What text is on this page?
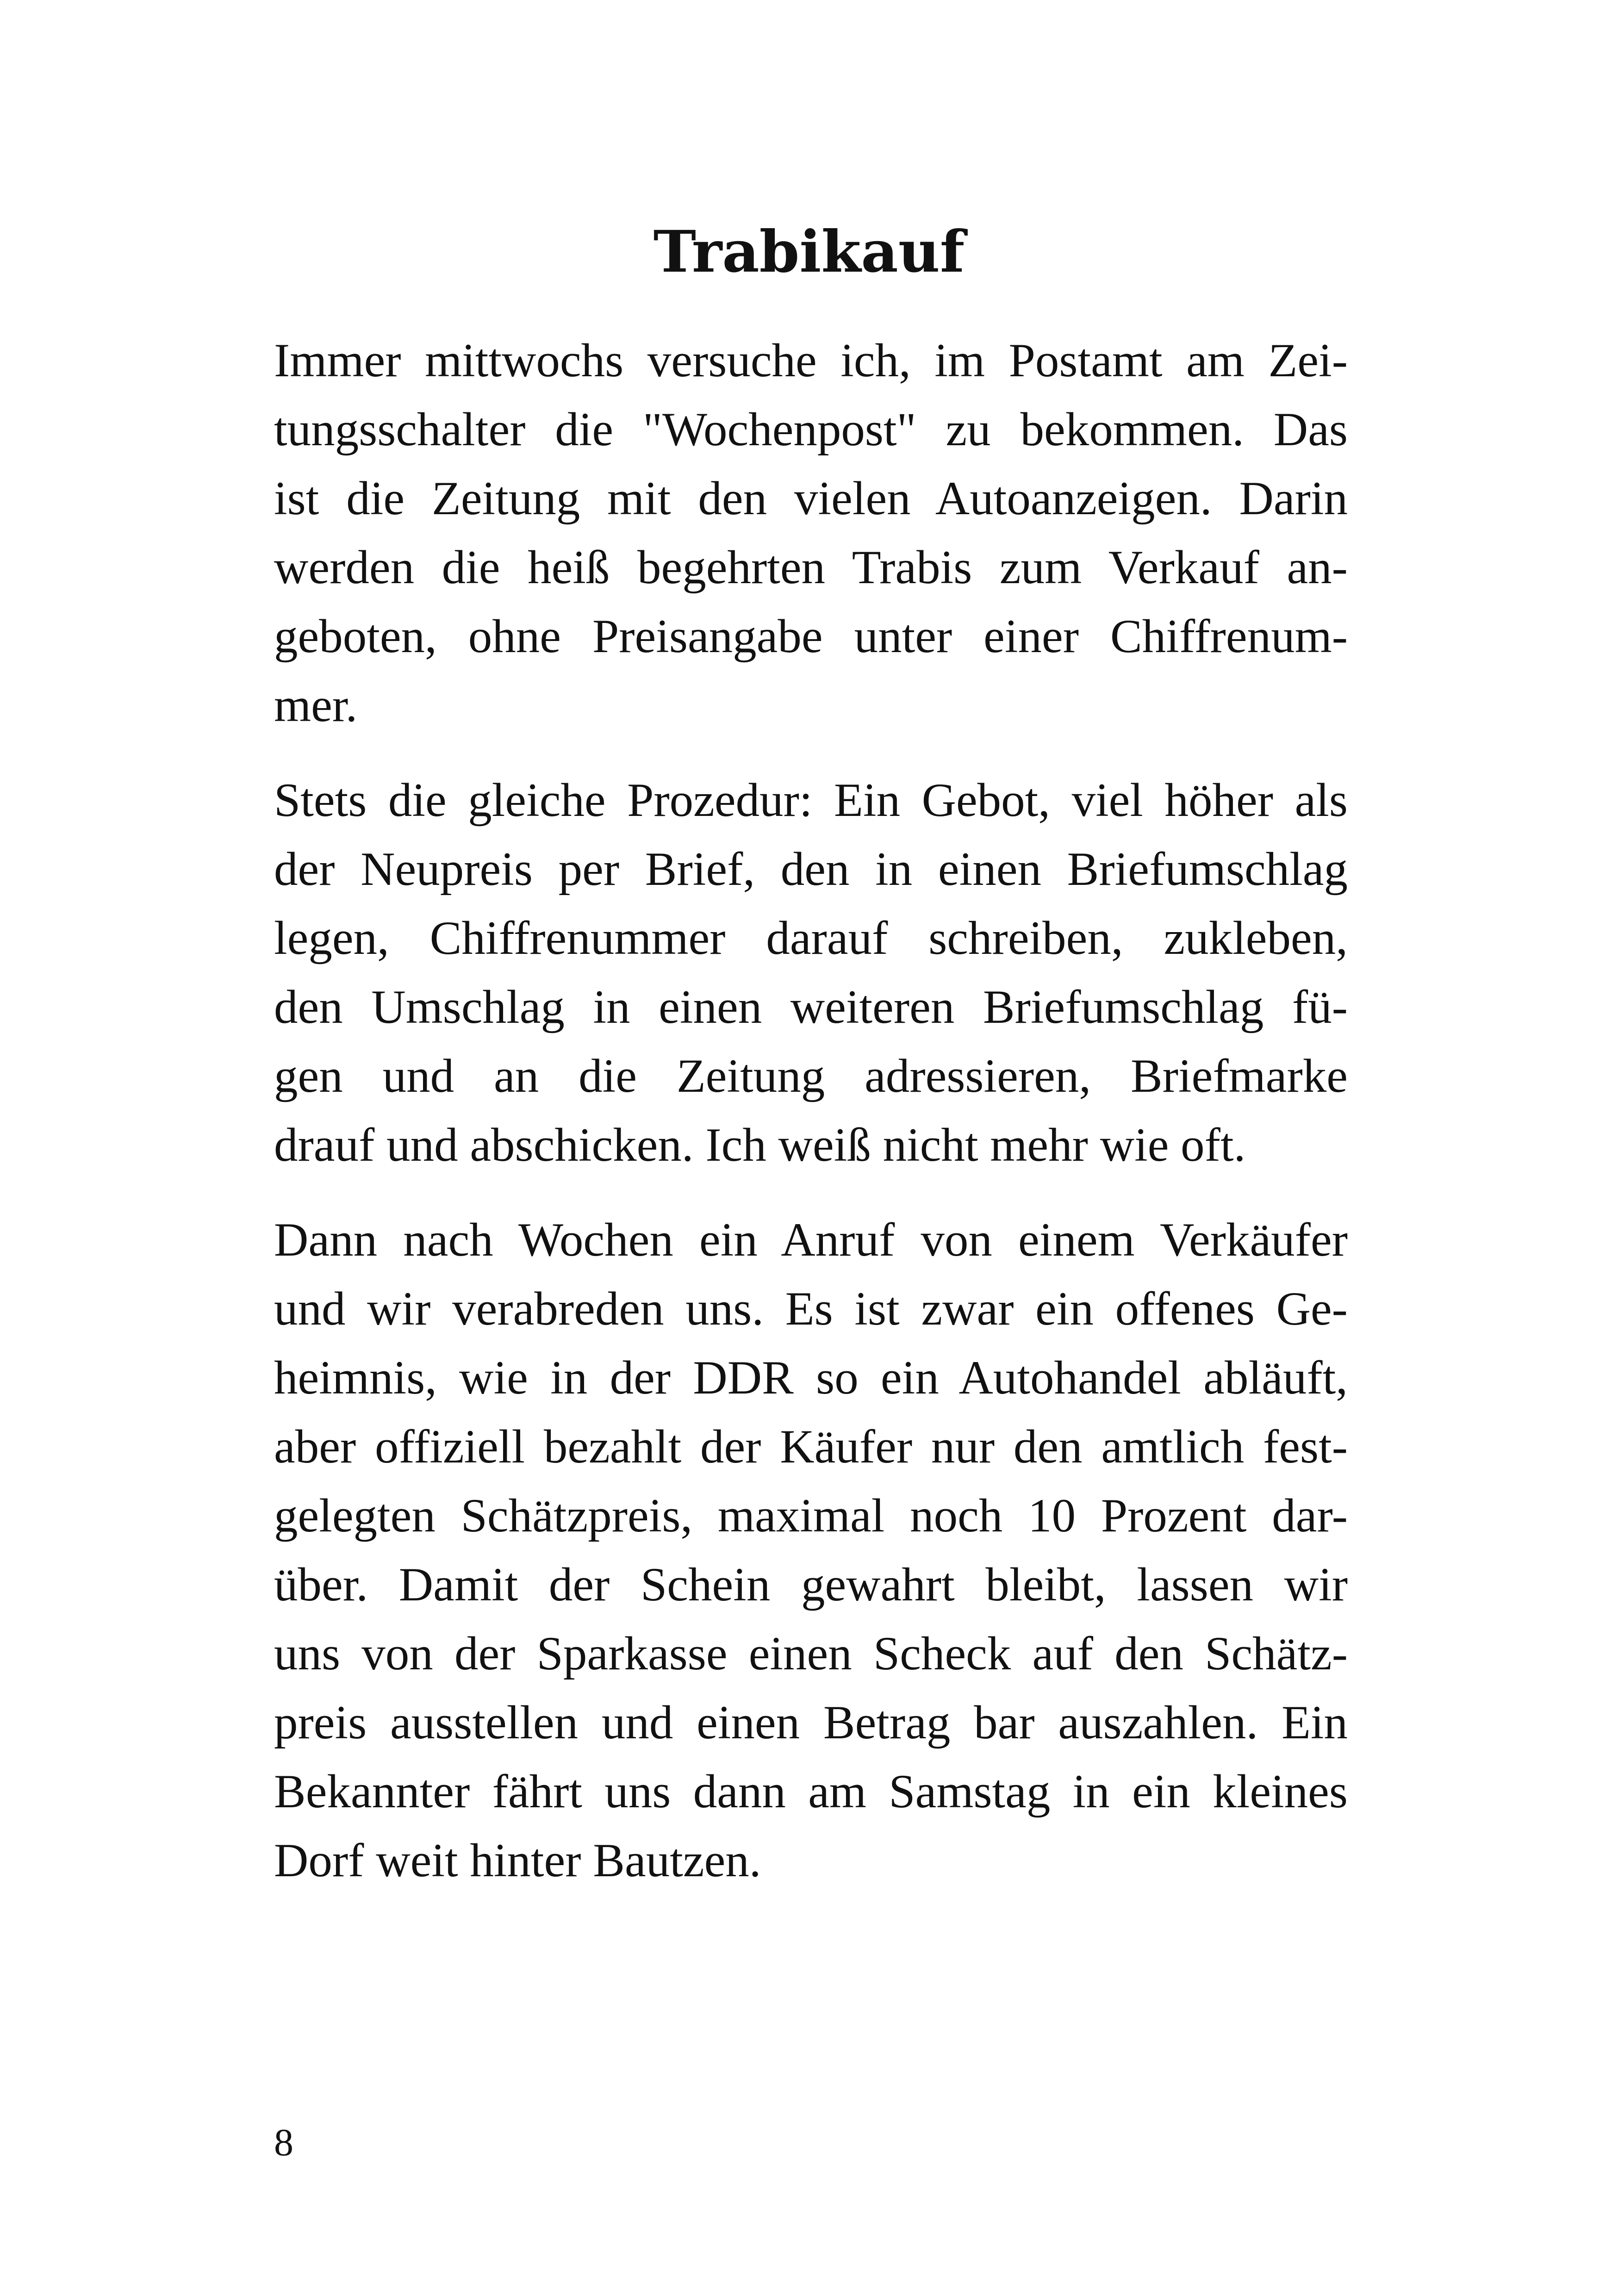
Trabikauf

Immer mittwochs versuche ich, im Postamt am Zei-
tungsschalter die "Wochenpost" zu bekommen. Das
ist die Zeitung mit den vielen Autoanzeigen. Darin
werden die heiß begehrten Trabis zum Verkauf an-
geboten, ohne Preisangabe unter einer Chiffrenum-
mer.

Stets die gleiche Prozedur: Ein Gebot, viel höher als
der Neupreis per Brief, den in einen Briefumschlag
legen, Chiffrenummer darauf schreiben, zukleben,
den Umschlag in einen weiteren Briefumschlag fü-
gen und an die Zeitung adressieren, Briefmarke
drauf und abschicken. Ich weiß nicht mehr wie oft.

Dann nach Wochen ein Anruf von einem Verkäufer
und wir verabreden uns. Es ist zwar ein offenes Ge-
heimnis, wie in der DDR so ein Autohandel abläuft,
aber offiziell bezahlt der Käufer nur den amtlich fest-
gelegten Schätzpreis, maximal noch 10 Prozent dar-
über. Damit der Schein gewahrt bleibt, lassen wir
uns von der Sparkasse einen Scheck auf den Schätz-
preis ausstellen und einen Betrag bar auszahlen. Ein
Bekannter fährt uns dann am Samstag in ein kleines
Dorf weit hinter Bautzen.

8
